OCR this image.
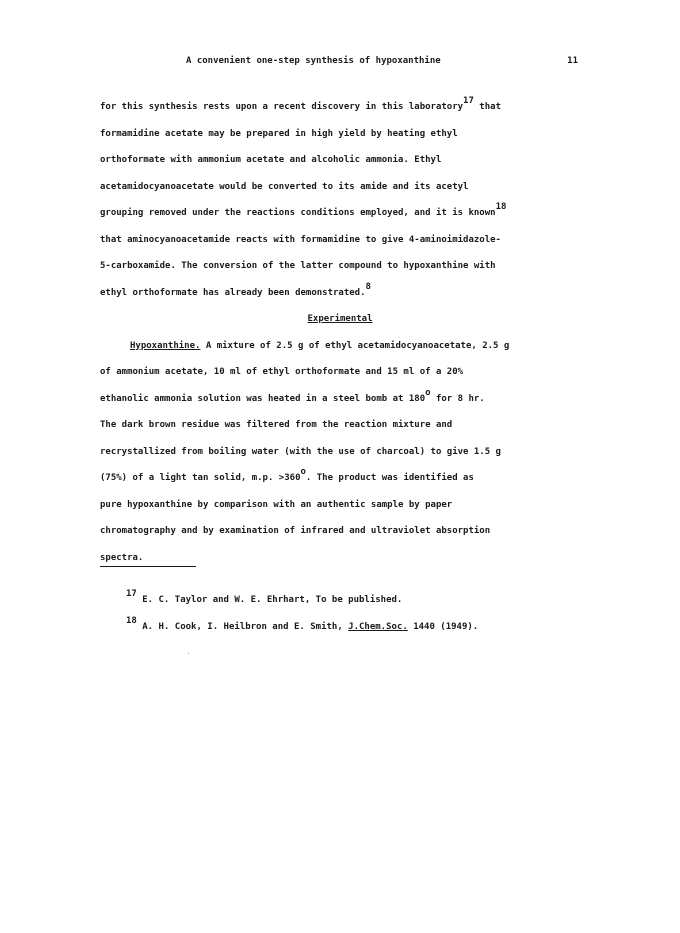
A convenient one-step synthesis of hypoxanthine	11
for this synthesis rests upon a recent discovery in this laboratory$^{17}$ that
formamidine acetate may be prepared in high yield by heating ethyl
orthoformate with ammonium acetate and alcoholic ammonia. Ethyl
acetamidocyanoacetate would be converted to its amide and its acetyl
grouping removed under the reactions conditions employed, and it is known$^{18}$
that aminocyanoacetamide reacts with formamidine to give 4-aminoimidazole-
5-carboxamide. The conversion of the latter compound to hypoxanthine with
ethyl orthoformate has already been demonstrated.$^8$
Experimental
Hypoxanthine. A mixture of 2.5 g of ethyl acetamidocyanoacetate, 2.5 g
of ammonium acetate, 10 ml of ethyl orthoformate and 15 ml of a 20%
ethanolic ammonia solution was heated in a steel bomb at 180$^o$ for 8 hr.
The dark brown residue was filtered from the reaction mixture and
recrystallized from boiling water (with the use of charcoal) to give 1.5 g
(75%) of a light tan solid, m.p. $>360^o$. The product was identified as
pure hypoxanthine by comparison with an authentic sample by paper
chromatography and by examination of infrared and ultraviolet absorption
spectra.
$^{17}$ E. C. Taylor and W. E. Ehrhart, To be published.
$^{18}$ A. H. Cook, I. Heilbron and E. Smith, J.Chem.Soc. 1440 (1949).
